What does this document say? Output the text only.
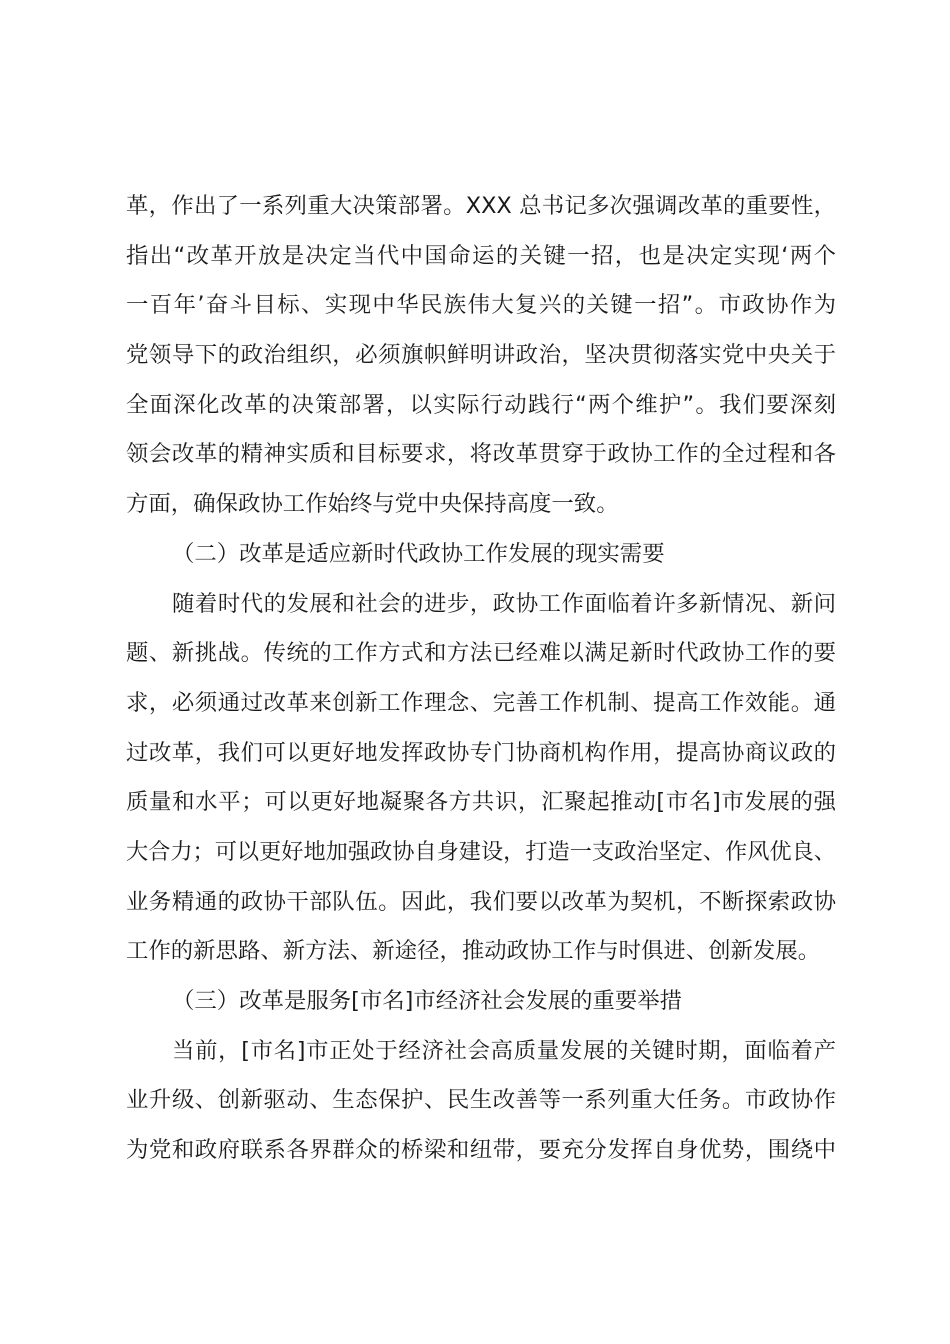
革，作出了一系列重大决策部署。XXX 总书记多次强调改革的重要性，
指出“改革开放是决定当代中国命运的关键一招，也是决定实现‘两个
一百年’奋斗目标、实现中华民族伟大复兴的关键一招”。市政协作为
党领导下的政治组织，必须旗帜鲜明讲政治，坚决贯彻落实党中央关于
全面深化改革的决策部署，以实际行动践行“两个维护”。我们要深刻
领会改革的精神实质和目标要求，将改革贯穿于政协工作的全过程和各
方面，确保政协工作始终与党中央保持高度一致。
（二）改革是适应新时代政协工作发展的现实需要
随着时代的发展和社会的进步，政协工作面临着许多新情况、新问
题、新挑战。传统的工作方式和方法已经难以满足新时代政协工作的要
求，必须通过改革来创新工作理念、完善工作机制、提高工作效能。通
过改革，我们可以更好地发挥政协专门协商机构作用，提高协商议政的
质量和水平；可以更好地凝聚各方共识，汇聚起推动[市名]市发展的强
大合力；可以更好地加强政协自身建设，打造一支政治坚定、作风优良、
业务精通的政协干部队伍。因此，我们要以改革为契机，不断探索政协
工作的新思路、新方法、新途径，推动政协工作与时俱进、创新发展。
（三）改革是服务[市名]市经济社会发展的重要举措
当前，[市名]市正处于经济社会高质量发展的关键时期，面临着产
业升级、创新驱动、生态保护、民生改善等一系列重大任务。市政协作
为党和政府联系各界群众的桥梁和纽带，要充分发挥自身优势，围绕中
